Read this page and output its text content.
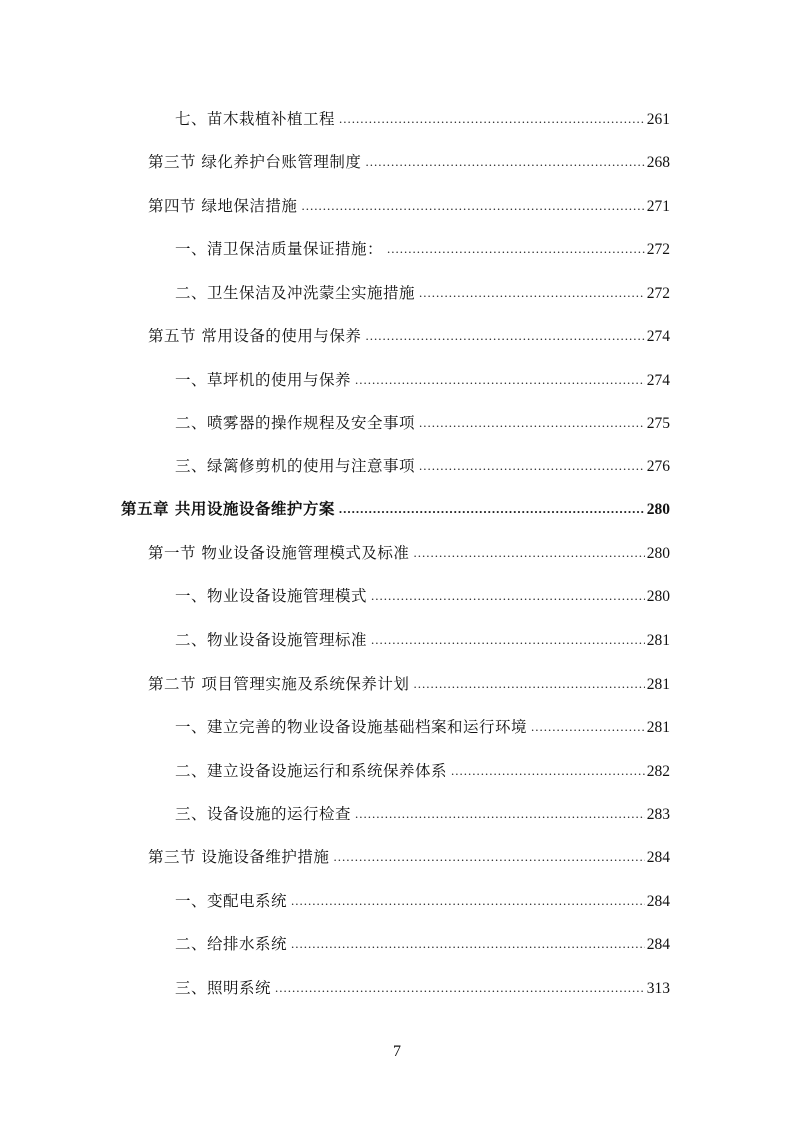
七、苗木栽植补植工程 .....	261
第三节 绿化养护台账管理制度 .....	268
第四节 绿地保洁措施 .....	271
一、清卫保洁质量保证措施： .....	272
二、卫生保洁及冲洗蒙尘实施措施 .....	272
第五节 常用设备的使用与保养 .....	274
一、草坪机的使用与保养 .....	274
二、喷雾器的操作规程及安全事项 .....	275
三、绿篱修剪机的使用与注意事项 .....	276
第五章 共用设施设备维护方案 .....	280
第一节 物业设备设施管理模式及标准 .....	280
一、物业设备设施管理模式 .....	280
二、物业设备设施管理标准 .....	281
第二节 项目管理实施及系统保养计划 .....	281
一、建立完善的物业设备设施基础档案和运行环境 .....	281
二、建立设备设施运行和系统保养体系 .....	282
三、设备设施的运行检查 .....	283
第三节 设施设备维护措施 .....	284
一、变配电系统 .....	284
二、给排水系统 .....	284
三、照明系统 .....	313
7
